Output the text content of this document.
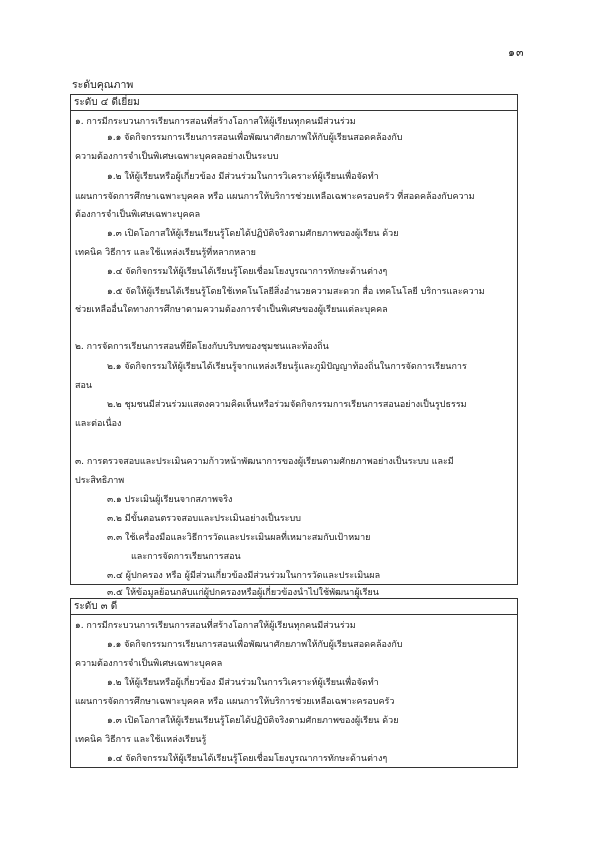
๑๓
ระดับคุณภาพ
ระดับ ๔ ดีเยี่ยม
๑. การมีกระบวนการเรียนการสอนที่สร้างโอกาสให้ผู้เรียนทุกคนมีส่วนร่วม
๑.๑ จัดกิจกรรมการเรียนการสอนเพื่อพัฒนาศักยภาพให้กับผู้เรียนสอดคล้องกับ
ความต้องการจำเป็นพิเศษเฉพาะบุคคลอย่างเป็นระบบ
๑.๒ ให้ผู้เรียนหรือผู้เกี่ยวข้อง มีส่วนร่วมในการวิเคราะห์ผู้เรียนเพื่อจัดทำ
แผนการจัดการศึกษาเฉพาะบุคคล หรือ แผนการให้บริการช่วยเหลือเฉพาะครอบครัว ที่สอดคล้องกับความ
ต้องการจำเป็นพิเศษเฉพาะบุคคล
๑.๓ เปิดโอกาสให้ผู้เรียนเรียนรู้โดยได้ปฏิบัติจริงตามศักยภาพของผู้เรียน ด้วย
เทคนิค วิธีการ และใช้แหล่งเรียนรู้ที่หลากหลาย
๑.๔ จัดกิจกรรมให้ผู้เรียนได้เรียนรู้โดยเชื่อมโยงบูรณาการทักษะด้านต่างๆ
๑.๕ จัดให้ผู้เรียนได้เรียนรู้โดยใช้เทคโนโลยีสิ่งอำนวยความสะดวก สื่อ เทคโนโลยี บริการและความ
ช่วยเหลืออื่นใดทางการศึกษาตามความต้องการจำเป็นพิเศษของผู้เรียนแต่ละบุคคล
๒. การจัดการเรียนการสอนที่ยึดโยงกับบริบทของชุมชนและท้องถิ่น
๒.๑ จัดกิจกรรมให้ผู้เรียนได้เรียนรู้จากแหล่งเรียนรู้และภูมิปัญญาท้องถิ่นในการจัดการเรียนการ
สอน
๒.๒ ชุมชนมีส่วนร่วมแสดงความคิดเห็นหรือร่วมจัดกิจกรรมการเรียนการสอนอย่างเป็นรูปธรรม
และต่อเนื่อง
๓. การตรวจสอบและประเมินความก้าวหน้าพัฒนาการของผู้เรียนตามศักยภาพอย่างเป็นระบบ และมี
ประสิทธิภาพ
๓.๑ ประเมินผู้เรียนจากสภาพจริง
๓.๒ มีขั้นตอนตรวจสอบและประเมินอย่างเป็นระบบ
๓.๓ ใช้เครื่องมือและวิธีการวัดและประเมินผลที่เหมาะสมกับเป้าหมาย
และการจัดการเรียนการสอน
๓.๔ ผู้ปกครอง หรือ ผู้มีส่วนเกี่ยวข้องมีส่วนร่วมในการวัดและประเมินผล
๓.๕ ให้ข้อมูลย้อนกลับแก่ผู้ปกครองหรือผู้เกี่ยวข้องนำไปใช้พัฒนาผู้เรียน
ระดับ ๓ ดี
๑. การมีกระบวนการเรียนการสอนที่สร้างโอกาสให้ผู้เรียนทุกคนมีส่วนร่วม
๑.๑ จัดกิจกรรมการเรียนการสอนเพื่อพัฒนาศักยภาพให้กับผู้เรียนสอดคล้องกับ
ความต้องการจำเป็นพิเศษเฉพาะบุคคล
๑.๒ ให้ผู้เรียนหรือผู้เกี่ยวข้อง มีส่วนร่วมในการวิเคราะห์ผู้เรียนเพื่อจัดทำ
แผนการจัดการศึกษาเฉพาะบุคคล หรือ แผนการให้บริการช่วยเหลือเฉพาะครอบครัว
๑.๓ เปิดโอกาสให้ผู้เรียนเรียนรู้โดยได้ปฏิบัติจริงตามศักยภาพของผู้เรียน ด้วย
เทคนิค วิธีการ และใช้แหล่งเรียนรู้
๑.๔ จัดกิจกรรมให้ผู้เรียนได้เรียนรู้โดยเชื่อมโยงบูรณาการทักษะด้านต่างๆ
